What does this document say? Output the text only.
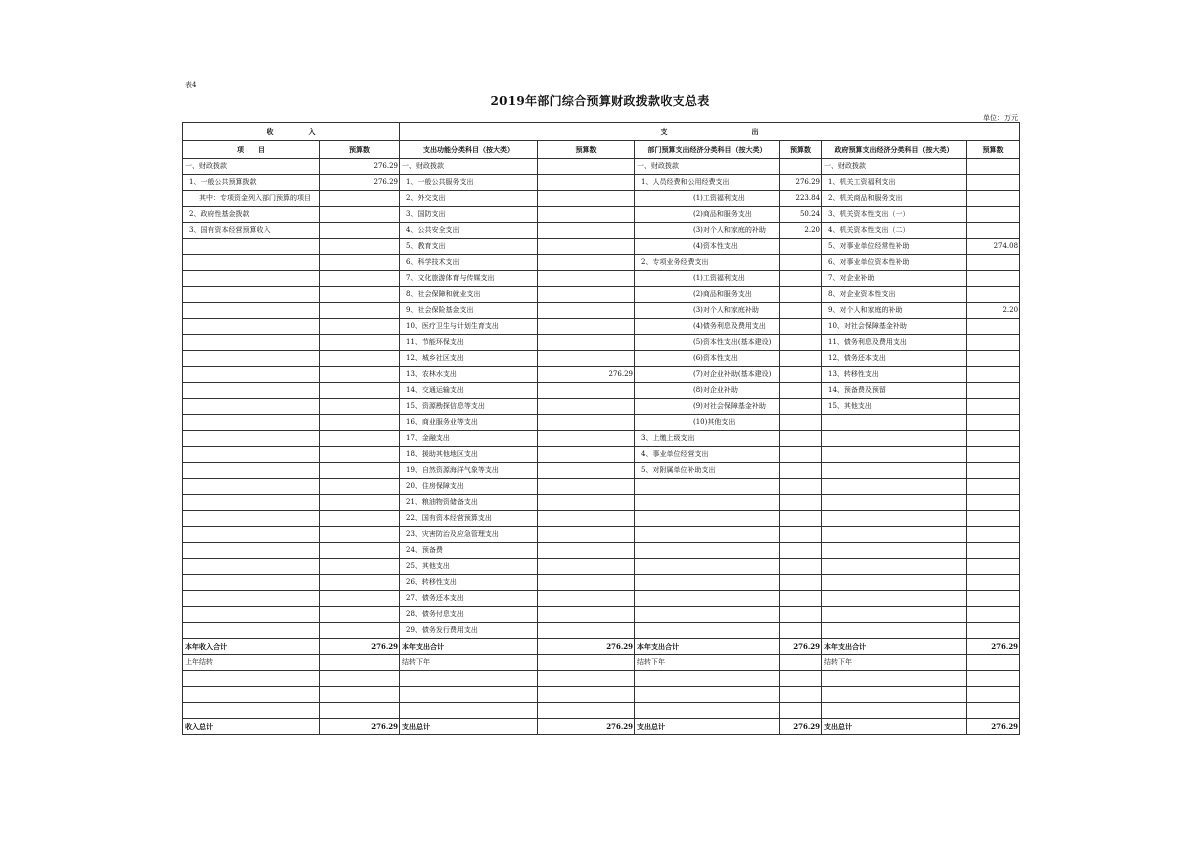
表4
2019年部门综合预算财政拨款收支总表
单位：万元
收　　　　　入		支　　　　　　　　　　　　出					
项　　目	预算数	支出功能分类科目（按大类）	预算数	部门预算支出经济分类科目（按大类）	预算数	政府预算支出经济分类科目（按大类）	预算数
一、财政拨款	276.29	一、财政拨款		一、财政拨款		一、财政拨款	
1、一般公共预算拨款	276.29	1、一般公共服务支出		1、人员经费和公用经费支出	276.29	1、机关工资福利支出	
其中：专项资金列入部门预算的项目		2、外交支出		(1)工资福利支出	223.84	2、机关商品和服务支出	
2、政府性基金拨款		3、国防支出		(2)商品和服务支出	50.24	3、机关资本性支出（一）	
3、国有资本经营预算收入		4、公共安全支出		(3)对个人和家庭的补助	2.20	4、机关资本性支出（二）	
		5、教育支出		(4)资本性支出		5、对事业单位经常性补助	274.08
		6、科学技术支出		2、专项业务经费支出		6、对事业单位资本性补助	
		7、文化旅游体育与传媒支出		(1)工资福利支出		7、对企业补助	
		8、社会保障和就业支出		(2)商品和服务支出		8、对企业资本性支出	
		9、社会保险基金支出		(3)对个人和家庭补助		9、对个人和家庭的补助	2.20
		10、医疗卫生与计划生育支出		(4)债务利息及费用支出		10、对社会保障基金补助	
		11、节能环保支出		(5)资本性支出(基本建设)		11、债务利息及费用支出	
		12、城乡社区支出		(6)资本性支出		12、债务还本支出	
		13、农林水支出	276.29	(7)对企业补助(基本建设)		13、转移性支出	
		14、交通运输支出		(8)对企业补助		14、预备费及预留	
		15、资源勘探信息等支出		(9)对社会保障基金补助		15、其他支出	
		16、商业服务业等支出		(10)其他支出			
		17、金融支出		3、上缴上级支出			
		18、援助其他地区支出		4、事业单位经营支出			
		19、自然资源海洋气象等支出		5、对附属单位补助支出			
		20、住房保障支出					
		21、粮油物资储备支出					
		22、国有资本经营预算支出					
		23、灾害防治及应急管理支出					
		24、预备费					
		25、其他支出					
		26、转移性支出					
		27、债务还本支出					
		28、债务付息支出					
		29、债务发行费用支出					
本年收入合计	276.29	本年支出合计	276.29	本年支出合计	276.29	本年支出合计	276.29
上年结转		结转下年		结转下年		结转下年	

收入总计	276.29	支出总计	276.29	支出总计	276.29	支出总计	276.29
